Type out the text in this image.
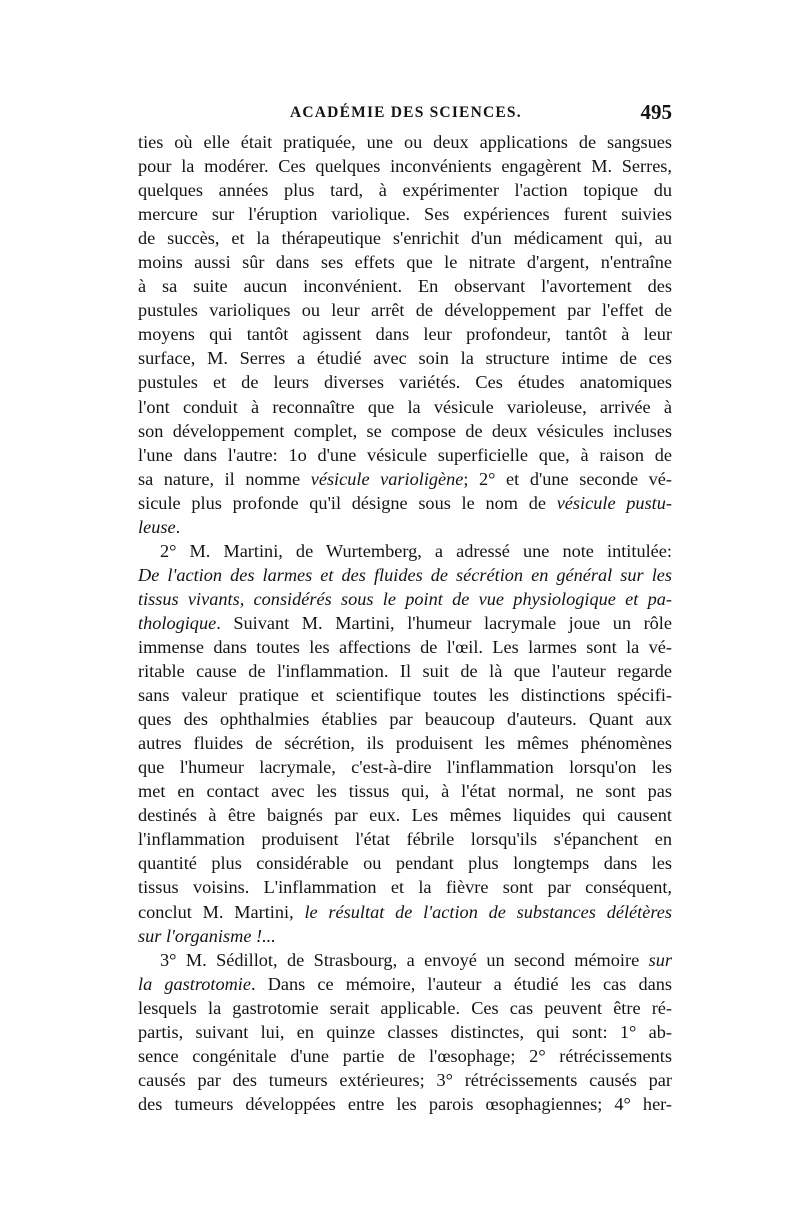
ACADÉMIE DES SCIENCES.	495
ties où elle était pratiquée, une ou deux applications de sangsues
pour la modérer. Ces quelques inconvénients engagèrent M. Serres,
quelques années plus tard, à expérimenter l'action topique du
mercure sur l'éruption variolique. Ses expériences furent suivies
de succès, et la thérapeutique s'enrichit d'un médicament qui, au
moins aussi sûr dans ses effets que le nitrate d'argent, n'entraîne
à sa suite aucun inconvénient. En observant l'avortement des
pustules varioliques ou leur arrêt de développement par l'effet de
moyens qui tantôt agissent dans leur profondeur, tantôt à leur
surface, M. Serres a étudié avec soin la structure intime de ces
pustules et de leurs diverses variétés. Ces études anatomiques
l'ont conduit à reconnaître que la vésicule varioleuse, arrivée à
son développement complet, se compose de deux vésicules incluses
l'une dans l'autre: 1o d'une vésicule superficielle que, à raison de
sa nature, il nomme vésicule varioligène; 2° et d'une seconde vé-
sicule plus profonde qu'il désigne sous le nom de vésicule pustu-
leuse.
2° M. Martini, de Wurtemberg, a adressé une note intitulée:
De l'action des larmes et des fluides de sécrétion en général sur les
tissus vivants, considérés sous le point de vue physiologique et pa-
thologique. Suivant M. Martini, l'humeur lacrymale joue un rôle
immense dans toutes les affections de l'œil. Les larmes sont la vé-
ritable cause de l'inflammation. Il suit de là que l'auteur regarde
sans valeur pratique et scientifique toutes les distinctions spécifi-
ques des ophthalmies établies par beaucoup d'auteurs. Quant aux
autres fluides de sécrétion, ils produisent les mêmes phénomènes
que l'humeur lacrymale, c'est-à-dire l'inflammation lorsqu'on les
met en contact avec les tissus qui, à l'état normal, ne sont pas
destinés à être baignés par eux. Les mêmes liquides qui causent
l'inflammation produisent l'état fébrile lorsqu'ils s'épanchent en
quantité plus considérable ou pendant plus longtemps dans les
tissus voisins. L'inflammation et la fièvre sont par conséquent,
conclut M. Martini, le résultat de l'action de substances délétères
sur l'organisme !...
3° M. Sédillot, de Strasbourg, a envoyé un second mémoire sur
la gastrotomie. Dans ce mémoire, l'auteur a étudié les cas dans
lesquels la gastrotomie serait applicable. Ces cas peuvent être ré-
partis, suivant lui, en quinze classes distinctes, qui sont: 1° ab-
sence congénitale d'une partie de l'œsophage; 2° rétrécissements
causés par des tumeurs extérieures; 3° rétrécissements causés par
des tumeurs développées entre les parois œsophagiennes; 4° her-
